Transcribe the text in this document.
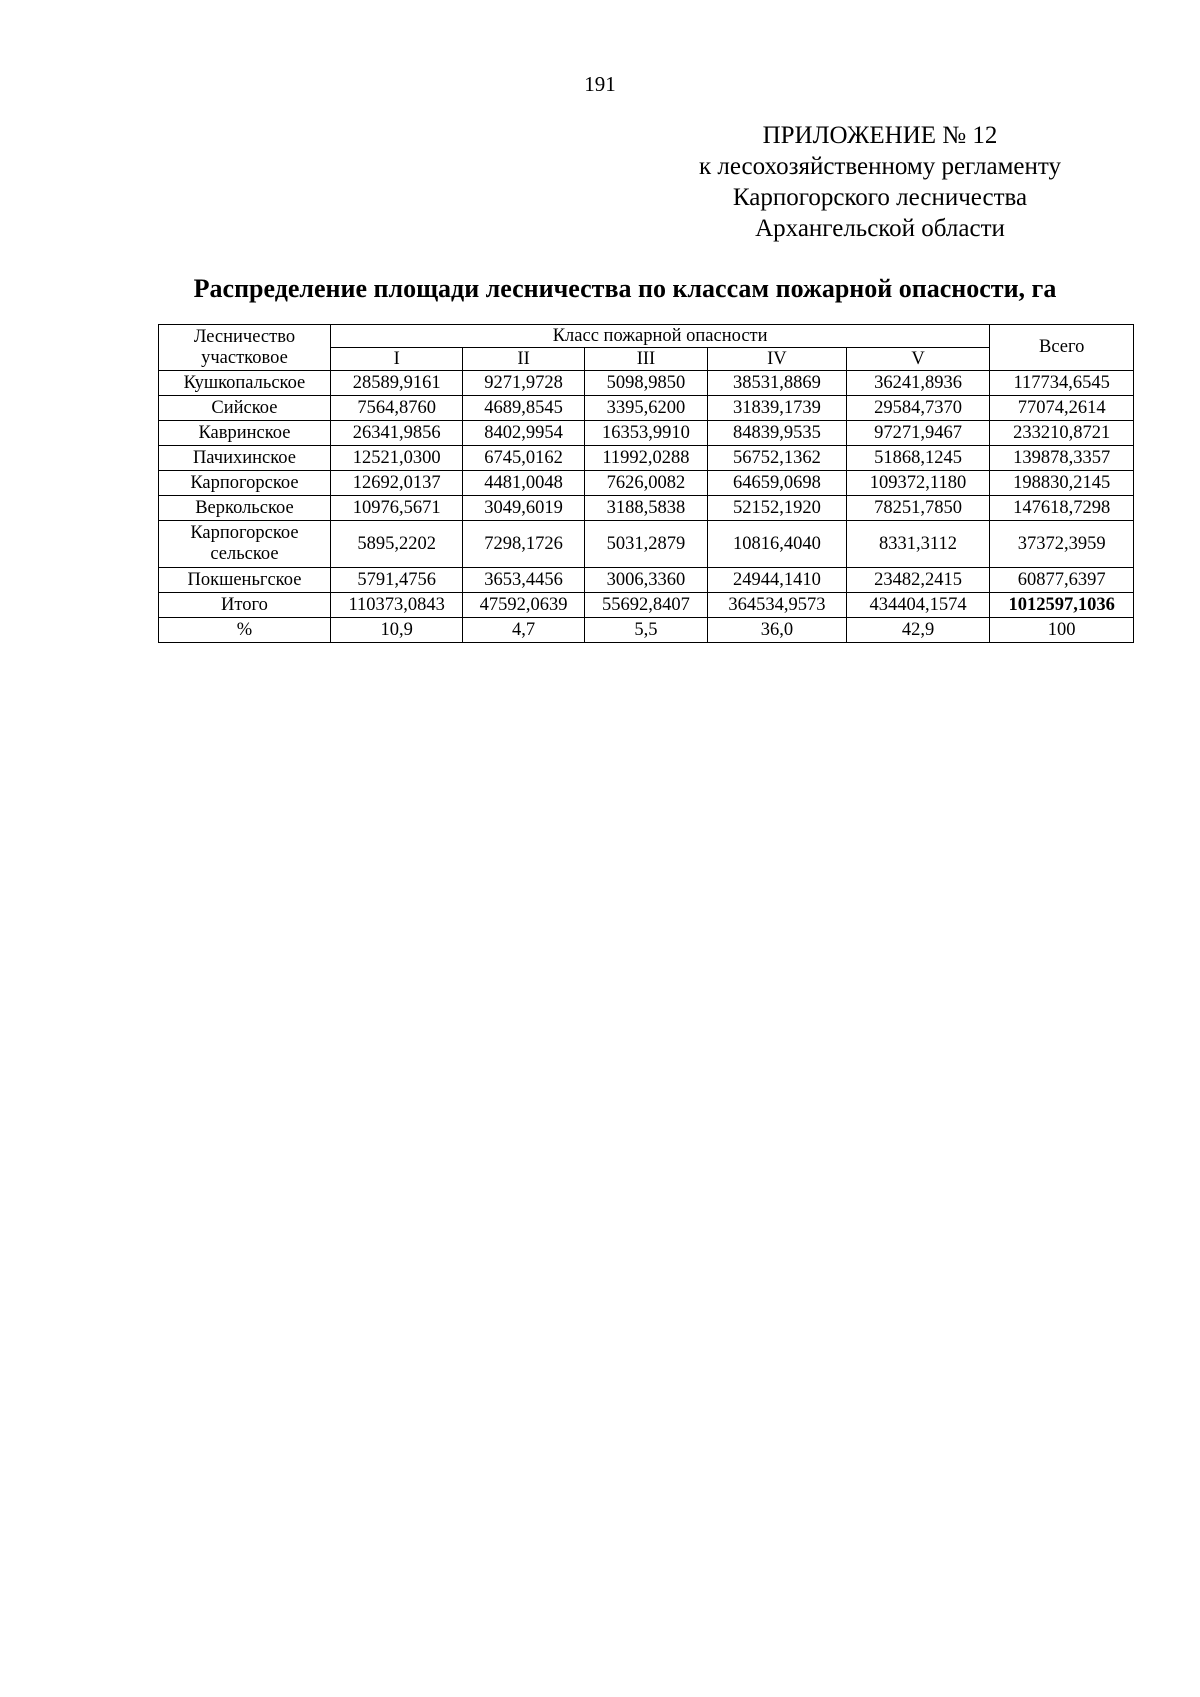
191
ПРИЛОЖЕНИЕ № 12
к лесохозяйственному регламенту
Карпогорского лесничества
Архангельской области
Распределение площади лесничества по классам пожарной опасности, га
Лесничество участковое	Класс пожарной опасности					Всего
	I	II	III	IV	V	
Кушкопальское	28589,9161	9271,9728	5098,9850	38531,8869	36241,8936	117734,6545
Сийское	7564,8760	4689,8545	3395,6200	31839,1739	29584,7370	77074,2614
Кавринское	26341,9856	8402,9954	16353,9910	84839,9535	97271,9467	233210,8721
Пачихинское	12521,0300	6745,0162	11992,0288	56752,1362	51868,1245	139878,3357
Карпогорское	12692,0137	4481,0048	7626,0082	64659,0698	109372,1180	198830,2145
Веркольское	10976,5671	3049,6019	3188,5838	52152,1920	78251,7850	147618,7298
Карпогорское сельское	5895,2202	7298,1726	5031,2879	10816,4040	8331,3112	37372,3959
Покшеньгское	5791,4756	3653,4456	3006,3360	24944,1410	23482,2415	60877,6397
Итого	110373,0843	47592,0639	55692,8407	364534,9573	434404,1574	1012597,1036
%	10,9	4,7	5,5	36,0	42,9	100
